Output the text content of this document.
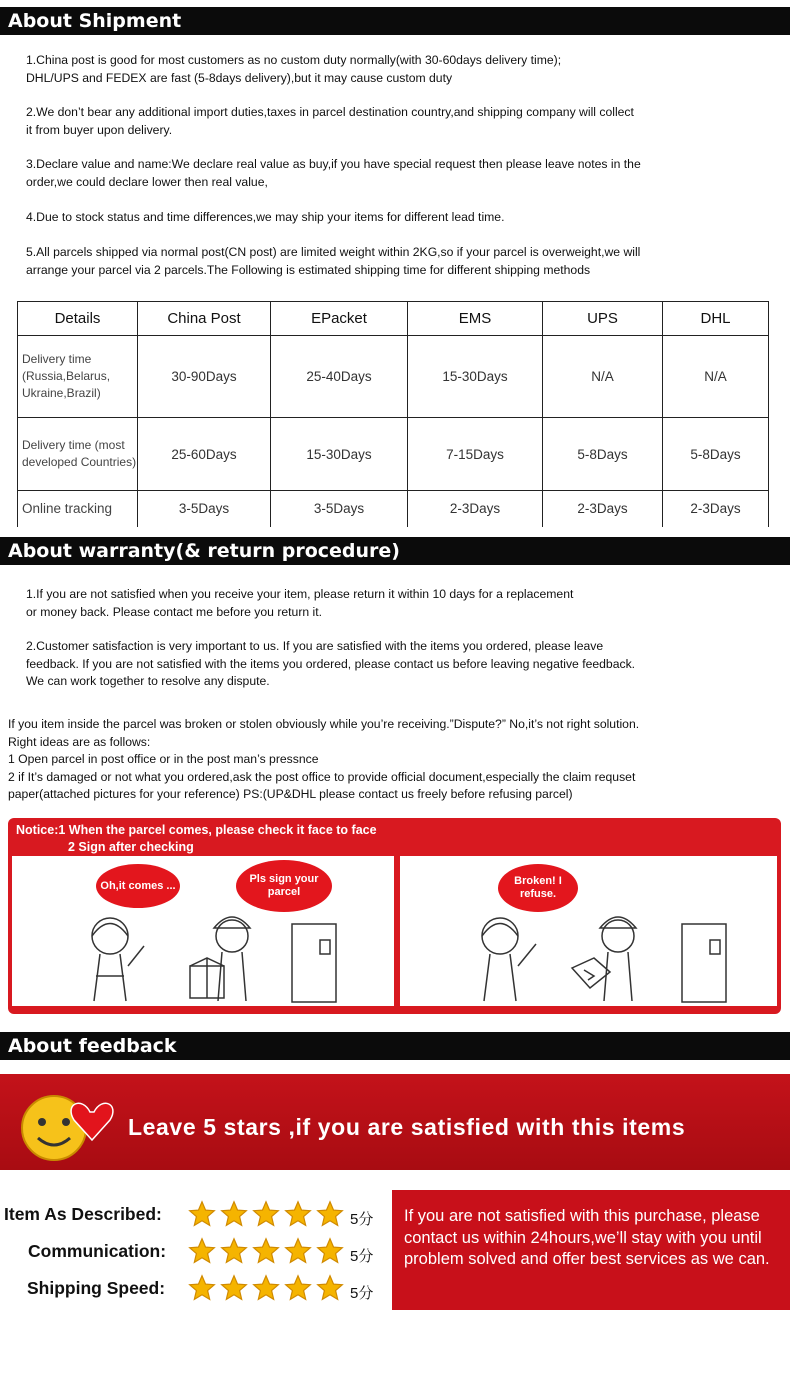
About Shipment
1.China post is good for most customers as no custom duty normally(with 30-60days delivery time);
DHL/UPS and FEDEX are fast (5-8days delivery),but it may cause custom duty
2.We don’t bear any additional import duties,taxes in parcel destination country,and shipping company will collect
it from buyer upon delivery.
3.Declare value and name:We declare real value as buy,if you have special request then please leave notes in the
order,we could declare lower then real value,
4.Due to stock status and time differences,we may ship your items for different lead time.
5.All parcels shipped via normal post(CN post) are limited weight within 2KG,so if your parcel is overweight,we will
arrange your parcel via 2 parcels.The Following is estimated shipping time for different shipping methods
Details	China Post	EPacket	EMS	UPS	DHL
Delivery time (Russia,Belarus, Ukraine,Brazil)	30-90Days	25-40Days	15-30Days	N/A	N/A
Delivery time (most developed Countries)	25-60Days	15-30Days	7-15Days	5-8Days	5-8Days
Online tracking	3-5Days	3-5Days	2-3Days	2-3Days	2-3Days
About warranty(& return procedure)
1.If you are not satisfied when you receive your item, please return it within 10 days for a replacement
or money back. Please contact me before you return it.
2.Customer satisfaction is very important to us. If you are satisfied with the items you ordered, please leave
feedback. If you are not satisfied with the items you ordered, please contact us before leaving negative feedback.
We can work together to resolve any dispute.
If you item inside the parcel was broken or stolen obviously while you’re receiving.”Dispute?” No,it’s not right solution.
Right ideas are as follows:
1 Open parcel in post office or in the post man’s pressnce
2 if It’s damaged or not what you ordered,ask the post office to provide official document,especially the claim requset
paper(attached pictures for your reference) PS:(UP&DHL please contact us freely before refusing parcel)
Notice:1 When the parcel comes, please check it face to face
2 Sign after checking
Oh,it comes ...
Pls sign your parcel
Broken! I refuse.
About feedback
Leave 5 stars ,if you are satisfied with this items
Item As Described:	5分
Communication:	5分
Shipping Speed:	5分
If you are not satisfied with this purchase, please contact us within 24hours,we’ll stay with you until problem solved and offer best services as we can.
